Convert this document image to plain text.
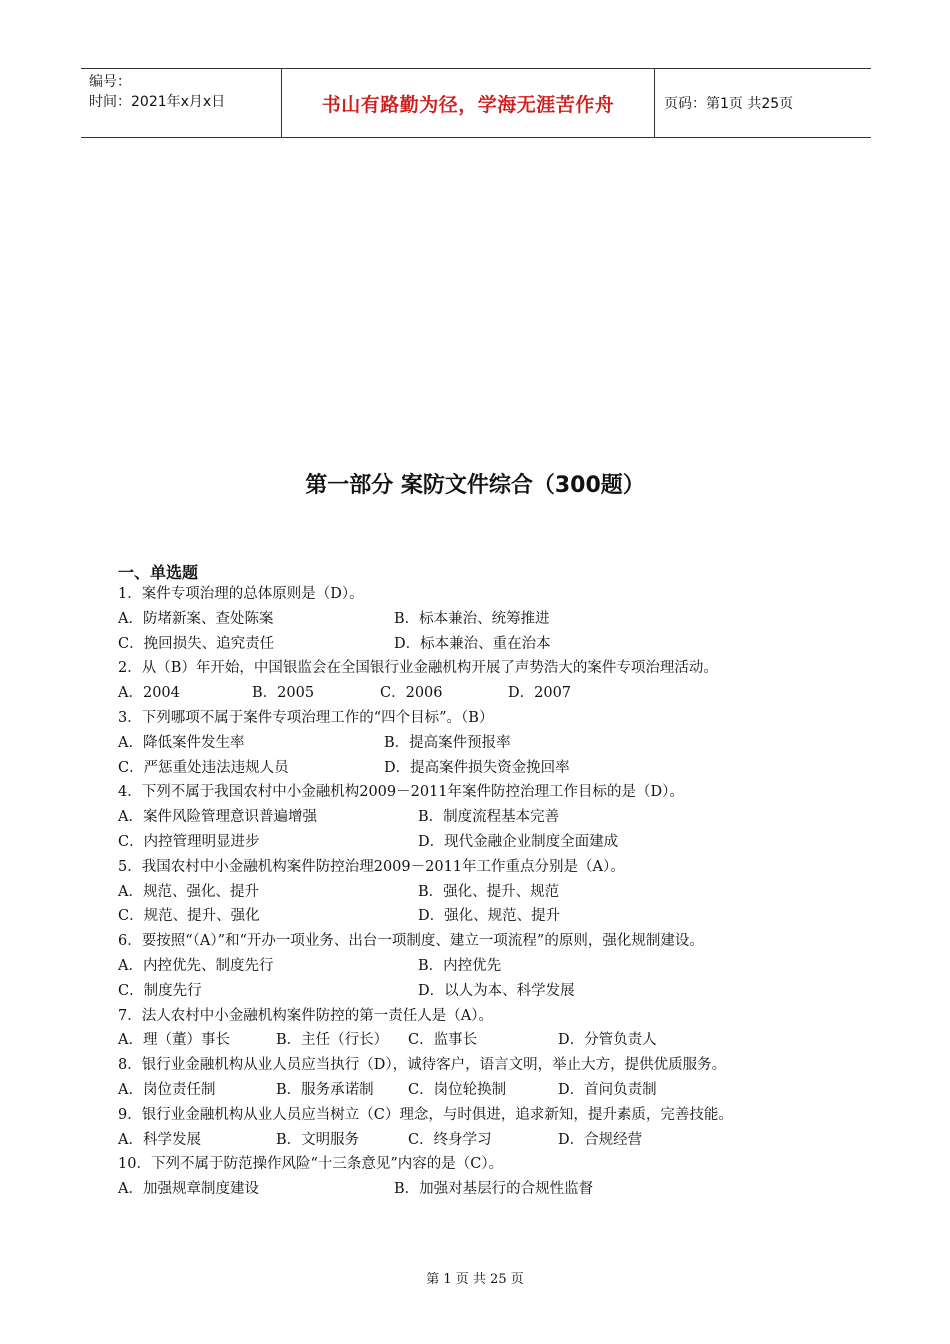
编号：
时间：2021年x月x日	书山有路勤为径，学海无涯苦作舟	页码：第1页 共25页
第一部分 案防文件综合（300题）
一、单选题
1．案件专项治理的总体原则是（D）。
A．防堵新案、查处陈案	B．标本兼治、统筹推进
C．挽回损失、追究责任	D．标本兼治、重在治本
2．从（B）年开始，中国银监会在全国银行业金融机构开展了声势浩大的案件专项治理活动。
A．2004	B．2005	C．2006	D．2007
3．下列哪项不属于案件专项治理工作的“四个目标”。（B）
A．降低案件发生率	B．提高案件预报率
C．严惩重处违法违规人员	D．提高案件损失资金挽回率
4．下列不属于我国农村中小金融机构2009－2011年案件防控治理工作目标的是（D）。
A．案件风险管理意识普遍增强	B．制度流程基本完善
C．内控管理明显进步	D．现代金融企业制度全面建成
5．我国农村中小金融机构案件防控治理2009－2011年工作重点分别是（A）。
A．规范、强化、提升	B．强化、提升、规范
C．规范、提升、强化	D．强化、规范、提升
6．要按照“（A）”和“开办一项业务、出台一项制度、建立一项流程”的原则，强化规制建设。
A．内控优先、制度先行	B．内控优先
C．制度先行	D．以人为本、科学发展
7．法人农村中小金融机构案件防控的第一责任人是（A）。
A．理（董）事长	B．主任（行长） C．监事长	D．分管负责人
8．银行业金融机构从业人员应当执行（D），诚待客户，语言文明，举止大方，提供优质服务。
A．岗位责任制	B．服务承诺制 C．岗位轮换制	D．首问负责制
9．银行业金融机构从业人员应当树立（C）理念，与时俱进，追求新知，提升素质，完善技能。
A．科学发展	B．文明服务	C．终身学习	D．合规经营
10．下列不属于防范操作风险“十三条意见”内容的是（C）。
A．加强规章制度建设	B．加强对基层行的合规性监督
第 1 页 共 25 页
